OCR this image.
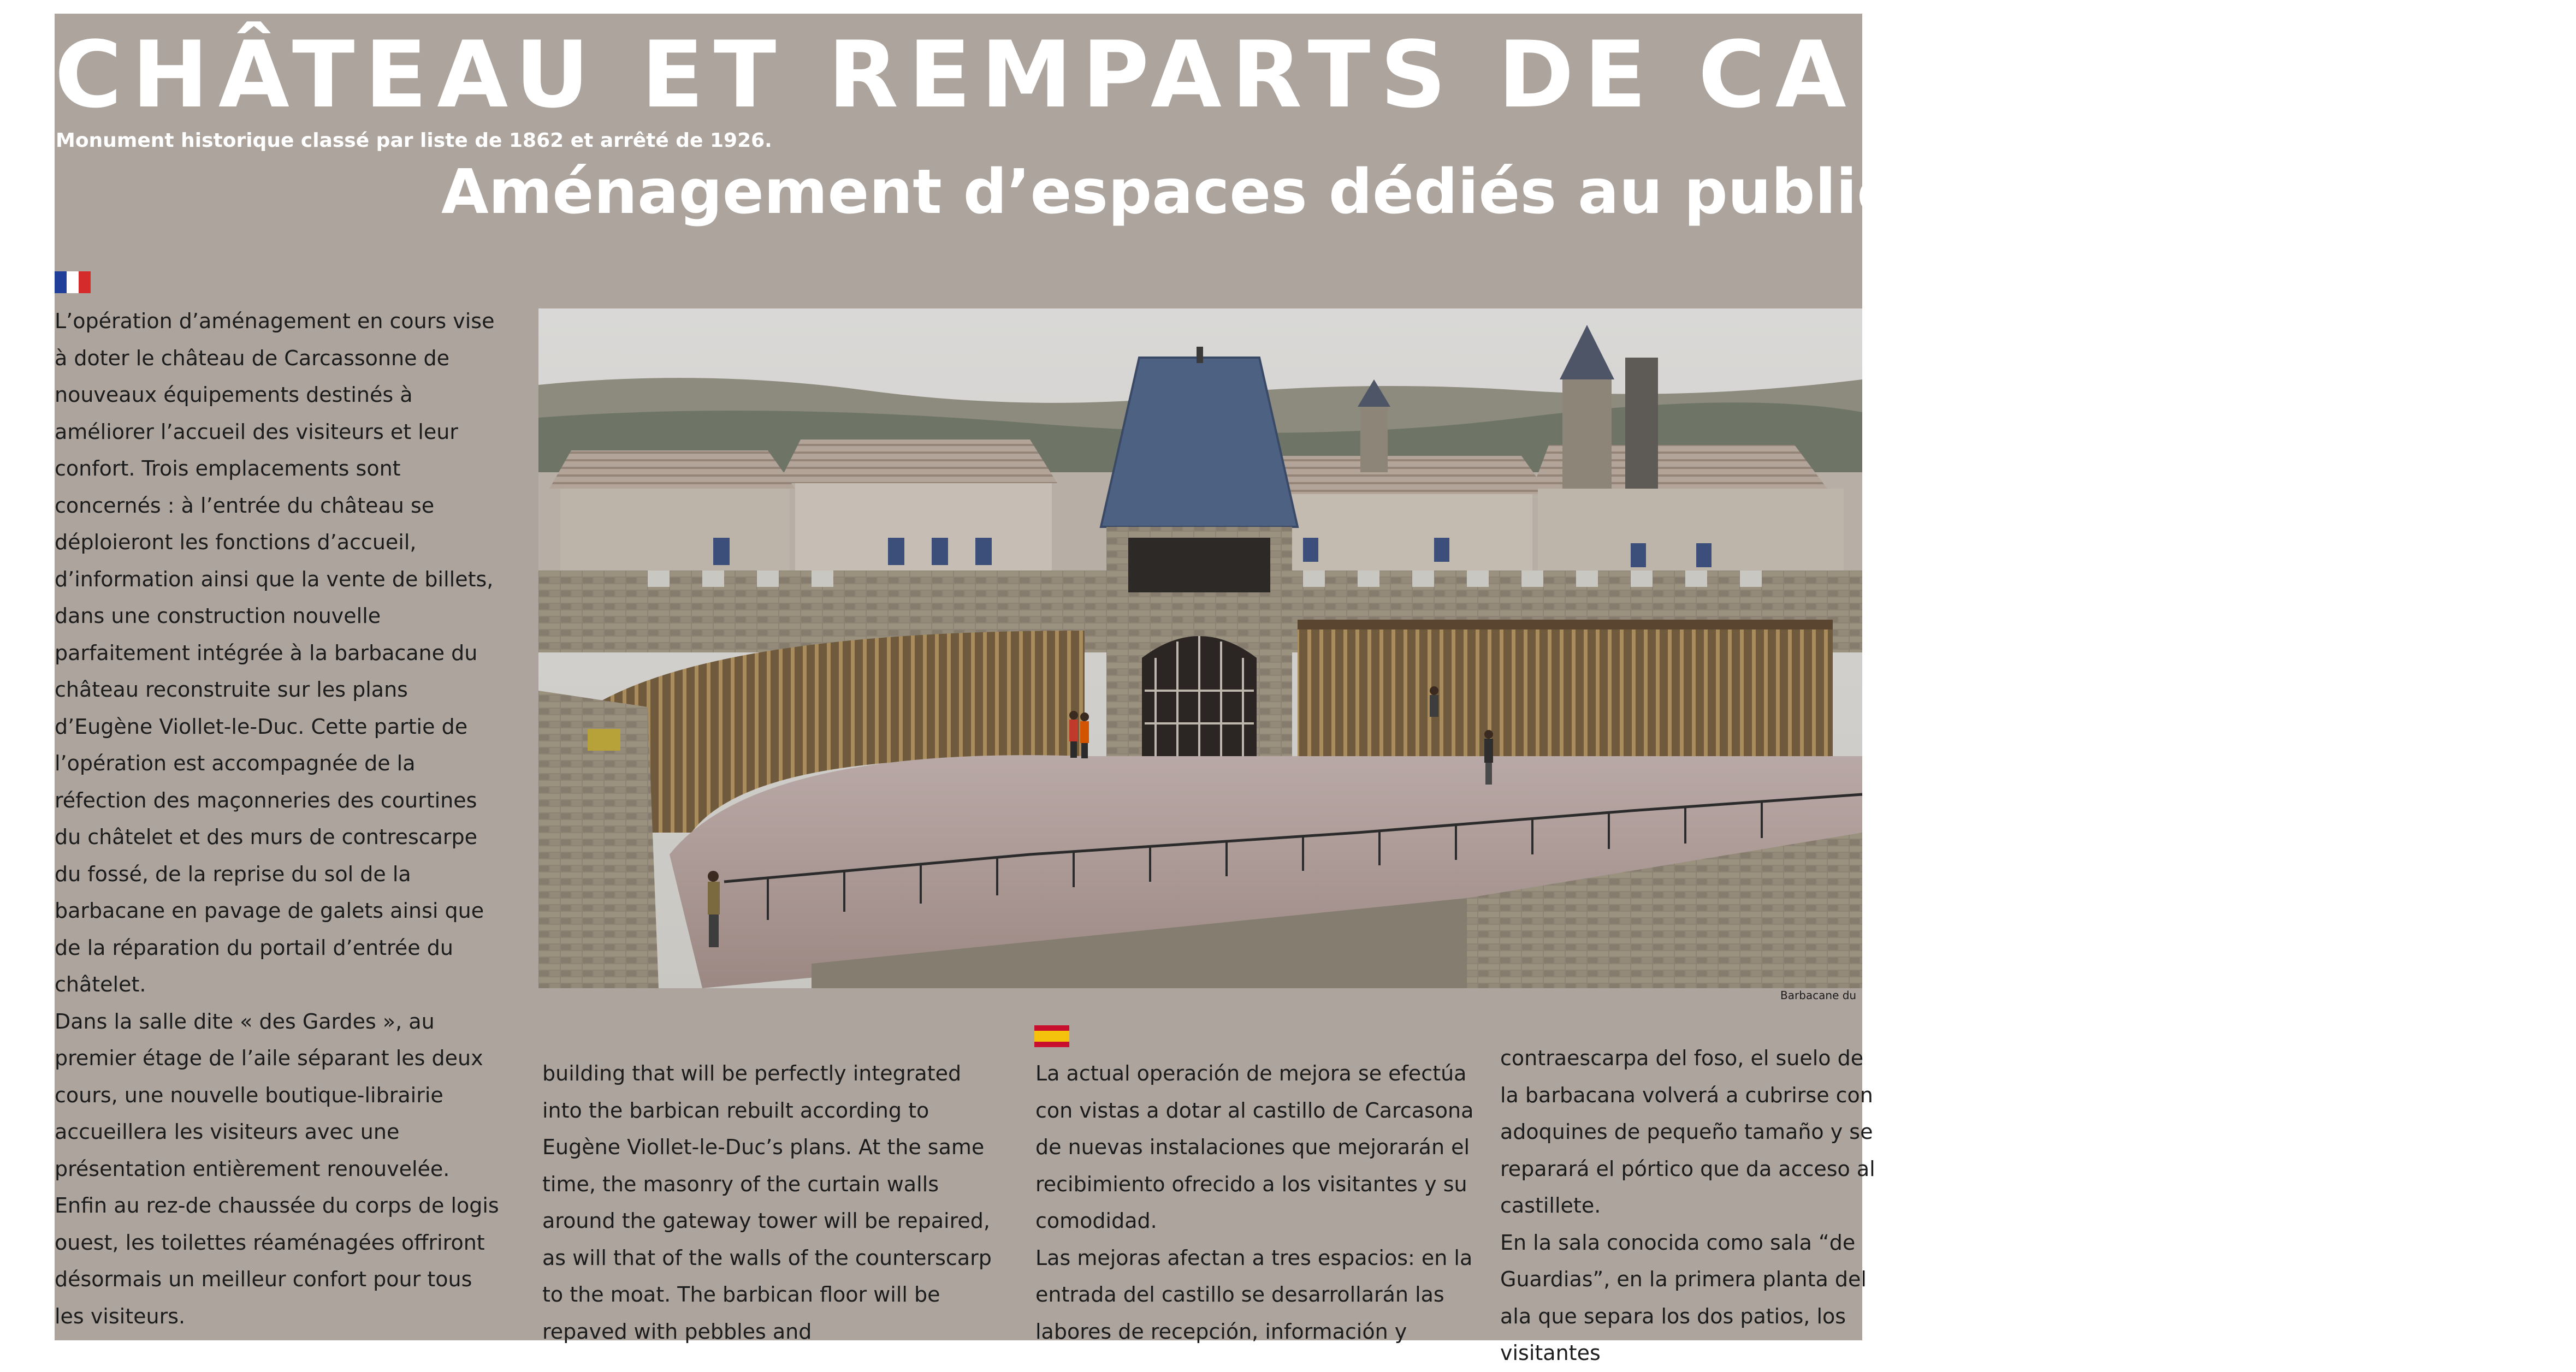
CHÂTEAU ET REMPARTS DE CARCASSONNE
Monument historique classé par liste de 1862 et arrêté de 1926.
Aménagement d’espaces dédiés au public

L’opération d’aménagement en cours vise à doter le château de Carcassonne de nouveaux équipements destinés à améliorer l’accueil des visiteurs et leur confort. Trois emplacements sont concernés : à l’entrée du château se déploieront les fonctions d’accueil, d’information ainsi que la vente de billets, dans une construction nouvelle parfaitement intégrée à la barbacane du château reconstruite sur les plans d’Eugène Viollet-le-Duc. Cette partie de l’opération est accompagnée de la réfection des maçonneries des courtines du châtelet et des murs de contrescarpe du fossé, de la reprise du sol de la barbacane en pavage de galets ainsi que de la réparation du portail d’entrée du châtelet.

Dans la salle dite « des Gardes », au premier étage de l’aile séparant les deux cours, une nouvelle boutique-librairie accueillera les visiteurs avec une présentation entièrement renouvelée. Enfin au rez-de chaussée du corps de logis ouest, les toilettes réaménagées offriront désormais un meilleur confort pour tous les visiteurs.

Barbacane du

building that will be perfectly integrated into the barbican rebuilt according to Eugène Viollet-le-Duc’s plans. At the same time, the masonry of the curtain walls around the gateway tower will be repaired, as will that of the walls of the counterscarp to the moat. The barbican floor will be repaved with pebbles and

La actual operación de mejora se efectúa con vistas a dotar al castillo de Carcasona de nuevas instalaciones que mejorarán el recibimiento ofrecido a los visitantes y su comodidad.

Las mejoras afectan a tres espacios: en la entrada del castillo se desarrollarán las labores de recepción, información y

contraescarpa del foso, el suelo de la barbacana volverá a cubrirse con adoquines de pequeño tamaño y se reparará el pórtico que da acceso al castillete.

En la sala conocida como sala “de Guardias”, en la primera planta del ala que separa los dos patios, los visitantes
